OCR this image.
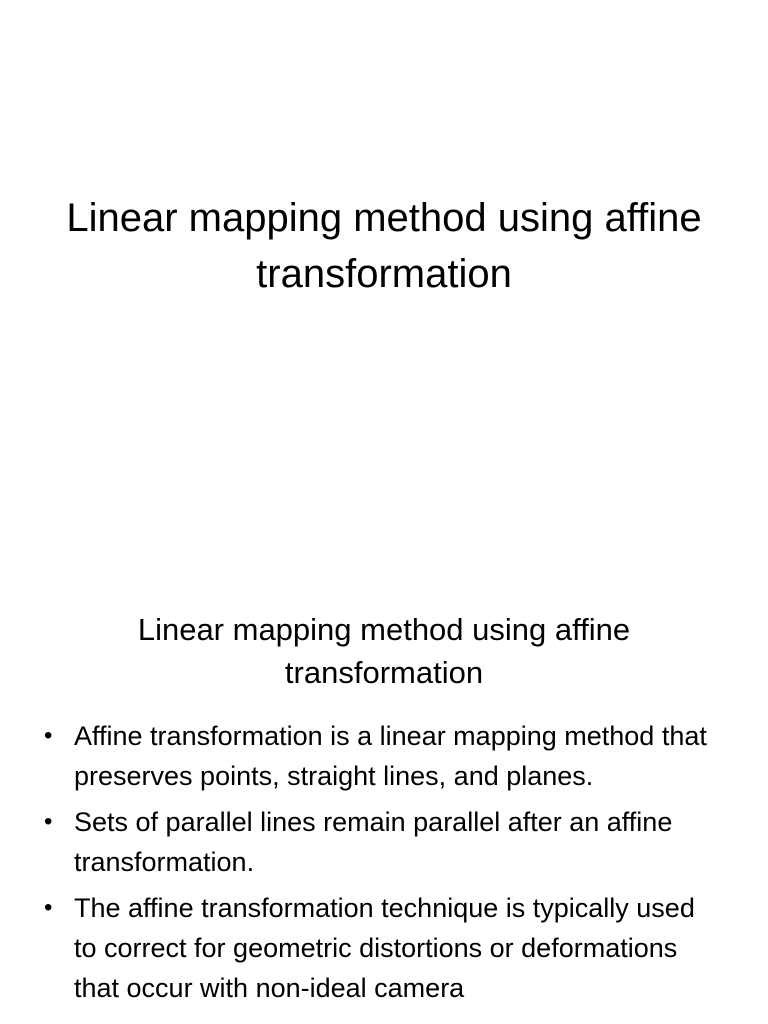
Linear mapping method using affine transformation
Linear mapping method using affine transformation
• Affine transformation is a linear mapping method that preserves points, straight lines, and planes.
• Sets of parallel lines remain parallel after an affine transformation.
• The affine transformation technique is typically used to correct for geometric distortions or deformations that occur with non-ideal camera
